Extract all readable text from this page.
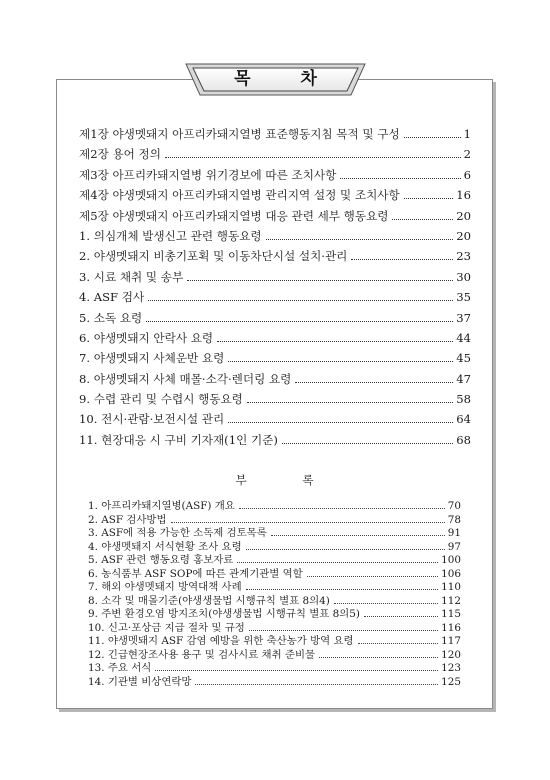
목 차
제1장 야생멧돼지 아프리카돼지열병 표준행동지침 목적 및 구성	1
제2장 용어 정의	2
제3장 아프리카돼지열병 위기경보에 따른 조치사항	6
제4장 야생멧돼지 아프리카돼지열병 관리지역 설정 및 조치사항	16
제5장 야생멧돼지 아프리카돼지열병 대응 관련 세부 행동요령	20
1. 의심개체 발생신고 관련 행동요령	20
2. 야생멧돼지 비총기포획 및 이동차단시설 설치·관리	23
3. 시료 채취 및 송부	30
4. ASF 검사	35
5. 소독 요령	37
6. 야생멧돼지 안락사 요령	44
7. 야생멧돼지 사체운반 요령	45
8. 야생멧돼지 사체 매몰·소각·렌더링 요령	47
9. 수렵 관리 및 수렵시 행동요령	58
10. 전시·관람·보전시설 관리	64
11. 현장대응 시 구비 기자재(1인 기준)	68
부 록
1. 아프리카돼지열병(ASF) 개요	70
2. ASF 검사방법	78
3. ASF에 적용 가능한 소독제 검토목록	91
4. 야생멧돼지 서식현황 조사 요령	97
5. ASF 관련 행동요령 홍보자료	100
6. 농식품부 ASF SOP에 따른 관계기관별 역할	106
7. 해외 야생멧돼지 방역대책 사례	110
8. 소각 및 매몰기준(야생생물법 시행규칙 별표 8의4)	112
9. 주변 환경오염 방지조치(야생생물법 시행규칙 별표 8의5)	115
10. 신고·포상금 지급 절차 및 규정	116
11. 야생멧돼지 ASF 감염 예방을 위한 축산농가 방역 요령	117
12. 긴급현장조사용 용구 및 검사시료 채취 준비물	120
13. 주요 서식	123
14. 기관별 비상연락망	125
